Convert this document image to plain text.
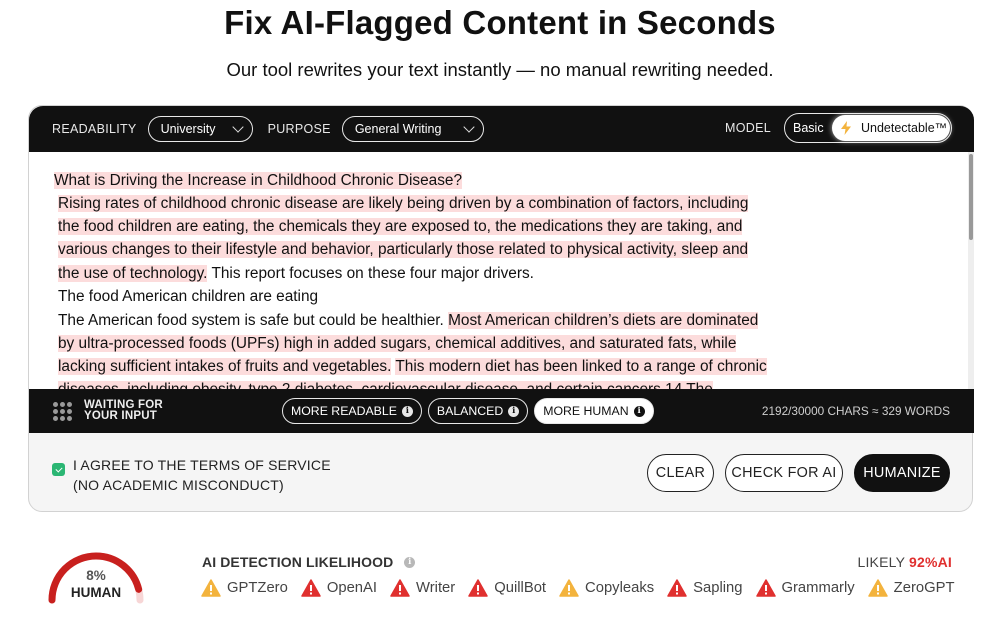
Fix AI-Flagged Content in Seconds
Our tool rewrites your text instantly — no manual rewriting needed.
READABILITY University	PURPOSE General Writing	MODEL	Basic	Undetectable™
What is Driving the Increase in Childhood Chronic Disease?
Rising rates of childhood chronic disease are likely being driven by a combination of factors, including
the food children are eating, the chemicals they are exposed to, the medications they are taking, and
various changes to their lifestyle and behavior, particularly those related to physical activity, sleep and
the use of technology. This report focuses on these four major drivers.
The food American children are eating
The American food system is safe but could be healthier. Most American children’s diets are dominated
by ultra-processed foods (UPFs) high in added sugars, chemical additives, and saturated fats, while
lacking sufficient intakes of fruits and vegetables. This modern diet has been linked to a range of chronic
WAITING FOR
YOUR INPUT	MORE READABLE	i	BALANCED	i	MORE HUMAN	i	2192/30000 CHARS ≈ 329 WORDS
I AGREE TO THE TERMS OF SERVICE
(NO ACADEMIC MISCONDUCT)
CLEAR	CHECK FOR AI	HUMANIZE
8%
HUMAN
AI DETECTION LIKELIHOOD	i	LIKELY 92%AI
GPTZero	OpenAI	Writer	QuillBot	Copyleaks	Sapling	Grammarly	ZeroGPT
